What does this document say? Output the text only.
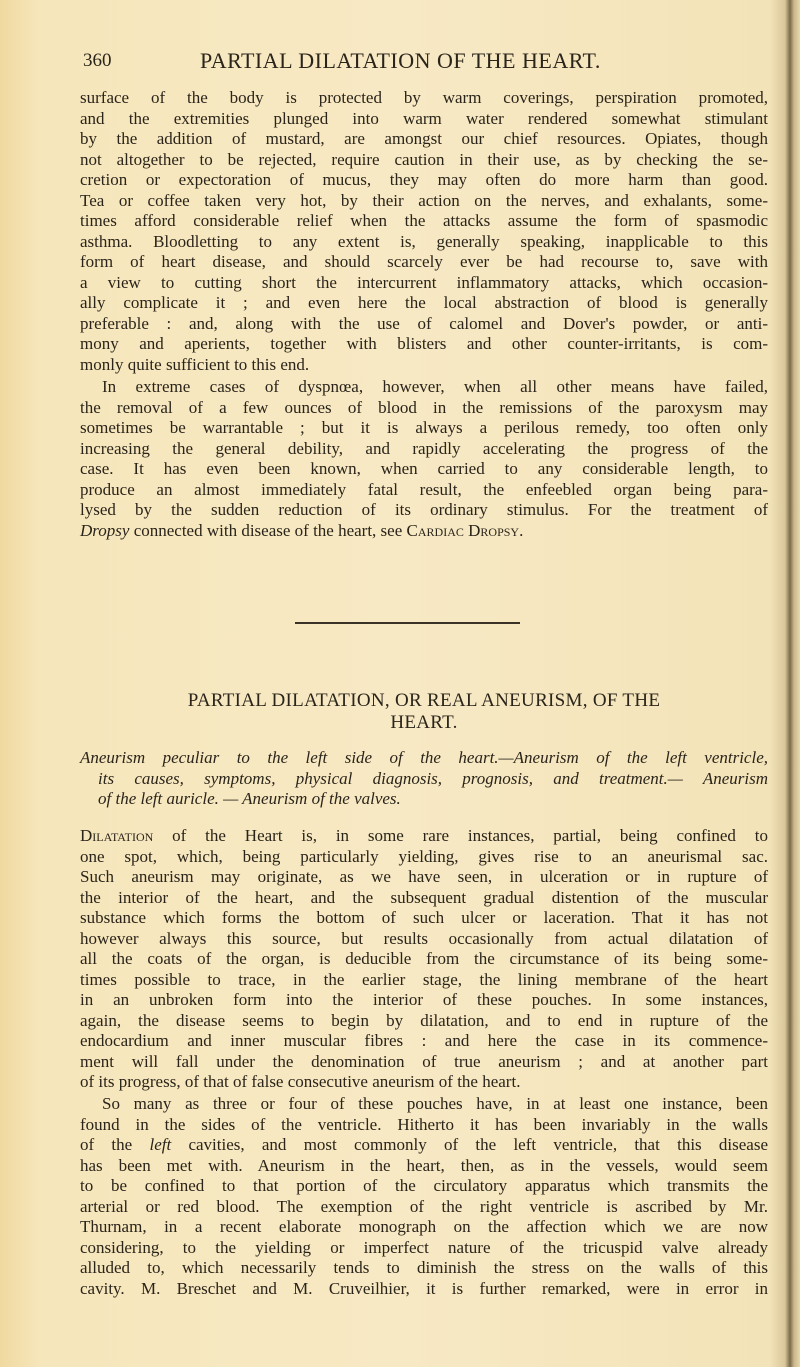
360	PARTIAL DILATATION OF THE HEART.
surface of the body is protected by warm coverings, perspiration promoted,
and the extremities plunged into warm water rendered somewhat stimulant
by the addition of mustard, are amongst our chief resources. Opiates, though
not altogether to be rejected, require caution in their use, as by checking the se-
cretion or expectoration of mucus, they may often do more harm than good.
Tea or coffee taken very hot, by their action on the nerves, and exhalants, some-
times afford considerable relief when the attacks assume the form of spasmodic
asthma. Bloodletting to any extent is, generally speaking, inapplicable to this
form of heart disease, and should scarcely ever be had recourse to, save with
a view to cutting short the intercurrent inflammatory attacks, which occasion-
ally complicate it ; and even here the local abstraction of blood is generally
preferable : and, along with the use of calomel and Dover's powder, or anti-
mony and aperients, together with blisters and other counter-irritants, is com-
monly quite sufficient to this end.
In extreme cases of dyspnœa, however, when all other means have failed,
the removal of a few ounces of blood in the remissions of the paroxysm may
sometimes be warrantable ; but it is always a perilous remedy, too often only
increasing the general debility, and rapidly accelerating the progress of the
case. It has even been known, when carried to any considerable length, to
produce an almost immediately fatal result, the enfeebled organ being para-
lysed by the sudden reduction of its ordinary stimulus. For the treatment of
Dropsy connected with disease of the heart, see Cardiac Dropsy.
PARTIAL DILATATION, OR REAL ANEURISM, OF THE
HEART.
Aneurism peculiar to the left side of the heart.—Aneurism of the left ventricle,
its causes, symptoms, physical diagnosis, prognosis, and treatment.— Aneurism
of the left auricle. — Aneurism of the valves.
Dilatation of the Heart is, in some rare instances, partial, being confined to
one spot, which, being particularly yielding, gives rise to an aneurismal sac.
Such aneurism may originate, as we have seen, in ulceration or in rupture of
the interior of the heart, and the subsequent gradual distention of the muscular
substance which forms the bottom of such ulcer or laceration. That it has not
however always this source, but results occasionally from actual dilatation of
all the coats of the organ, is deducible from the circumstance of its being some-
times possible to trace, in the earlier stage, the lining membrane of the heart
in an unbroken form into the interior of these pouches. In some instances,
again, the disease seems to begin by dilatation, and to end in rupture of the
endocardium and inner muscular fibres : and here the case in its commence-
ment will fall under the denomination of true aneurism ; and at another part
of its progress, of that of false consecutive aneurism of the heart.
So many as three or four of these pouches have, in at least one instance, been
found in the sides of the ventricle. Hitherto it has been invariably in the walls
of the left cavities, and most commonly of the left ventricle, that this disease
has been met with. Aneurism in the heart, then, as in the vessels, would seem
to be confined to that portion of the circulatory apparatus which transmits the
arterial or red blood. The exemption of the right ventricle is ascribed by Mr.
Thurnam, in a recent elaborate monograph on the affection which we are now
considering, to the yielding or imperfect nature of the tricuspid valve already
alluded to, which necessarily tends to diminish the stress on the walls of this
cavity. M. Breschet and M. Cruveilhier, it is further remarked, were in error in
